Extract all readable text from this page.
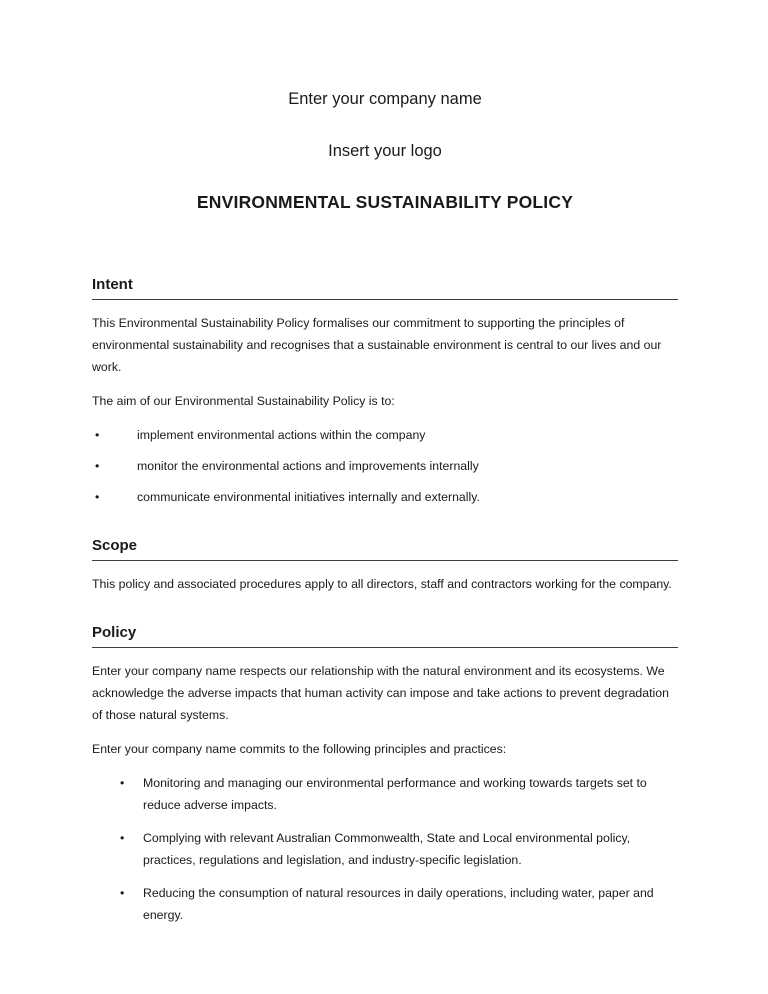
Enter your company name

Insert your logo

ENVIRONMENTAL SUSTAINABILITY POLICY
Intent

This Environmental Sustainability Policy formalises our commitment to supporting the principles of environmental sustainability and recognises that a sustainable environment is central to our lives and our work.

The aim of our Environmental Sustainability Policy is to:

•	implement environmental actions within the company
•	monitor the environmental actions and improvements internally
•	communicate environmental initiatives internally and externally.
Scope

This policy and associated procedures apply to all directors, staff and contractors working for the company.

Policy

Enter your company name respects our relationship with the natural environment and its ecosystems. We acknowledge the adverse impacts that human activity can impose and take actions to prevent degradation of those natural systems.

Enter your company name commits to the following principles and practices:

•	Monitoring and managing our environmental performance and working towards targets set to reduce adverse impacts.
•	Complying with relevant Australian Commonwealth, State and Local environmental policy, practices, regulations and legislation, and industry-specific legislation.
•	Reducing the consumption of natural resources in daily operations, including water, paper and energy.
